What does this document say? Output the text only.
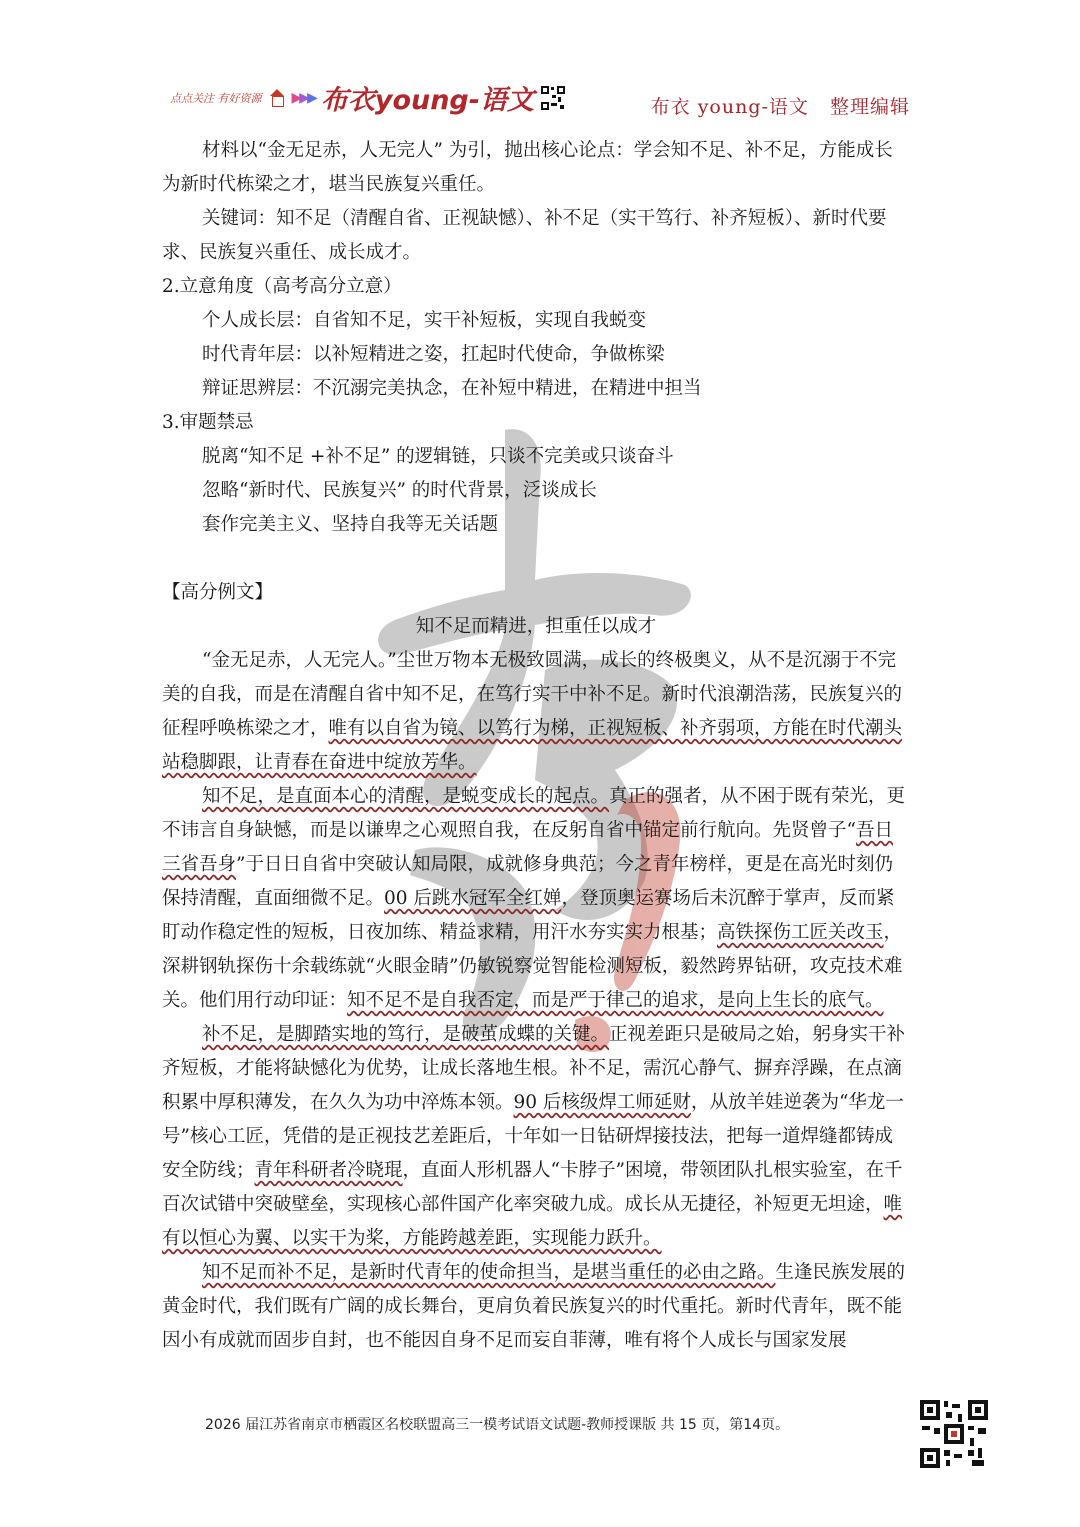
点点关注 有好资源 ▶▶▶ 布衣young-语文	布衣 young-语文 整理编辑

材料以“金无足赤，人无完人” 为引，抛出核心论点：学会知不足、补不足，方能成长为新时代栋梁之才，堪当民族复兴重任。

关键词：知不足（清醒自省、正视缺憾）、补不足（实干笃行、补齐短板）、新时代要求、民族复兴重任、成长成才。

2.立意角度（高考高分立意）

个人成长层：自省知不足，实干补短板，实现自我蜕变

时代青年层：以补短精进之姿，扛起时代使命，争做栋梁

辩证思辨层：不沉溺完美执念，在补短中精进，在精进中担当

3.审题禁忌

脱离“知不足 +补不足” 的逻辑链，只谈不完美或只谈奋斗

忽略“新时代、民族复兴” 的时代背景，泛谈成长

套作完美主义、坚持自我等无关话题

【高分例文】

知不足而精进，担重任以成才

“金无足赤，人无完人。”尘世万物本无极致圆满，成长的终极奥义，从不是沉溺于不完美的自我，而是在清醒自省中知不足，在笃行实干中补不足。新时代浪潮浩荡，民族复兴的征程呼唤栋梁之才，唯有以自省为镜、以笃行为梯，正视短板、补齐弱项，方能在时代潮头站稳脚跟，让青春在奋进中绽放芳华。

知不足，是直面本心的清醒，是蜕变成长的起点。真正的强者，从不困于既有荣光，更不讳言自身缺憾，而是以谦卑之心观照自我，在反躬自省中锚定前行航向。先贤曾子“吾日三省吾身”于日日自省中突破认知局限，成就修身典范；今之青年榜样，更是在高光时刻仍保持清醒，直面细微不足。00 后跳水冠军全红婵，登顶奥运赛场后未沉醉于掌声，反而紧盯动作稳定性的短板，日夜加练、精益求精，用汗水夯实实力根基；高铁探伤工匠关改玉，深耕钢轨探伤十余载练就“火眼金睛”仍敏锐察觉智能检测短板，毅然跨界钻研，攻克技术难关。他们用行动印证：知不足不是自我否定，而是严于律己的追求，是向上生长的底气。

补不足，是脚踏实地的笃行，是破茧成蝶的关键。正视差距只是破局之始，躬身实干补齐短板，才能将缺憾化为优势，让成长落地生根。补不足，需沉心静气、摒弃浮躁，在点滴积累中厚积薄发，在久久为功中淬炼本领。90 后核级焊工师延财，从放羊娃逆袭为“华龙一号”核心工匠，凭借的是正视技艺差距后，十年如一日钻研焊接技法，把每一道焊缝都铸成安全防线；青年科研者冷晓琨，直面人形机器人“卡脖子”困境，带领团队扎根实验室，在千百次试错中突破壁垒，实现核心部件国产化率突破九成。成长从无捷径，补短更无坦途，唯有以恒心为翼、以实干为桨，方能跨越差距，实现能力跃升。

知不足而补不足，是新时代青年的使命担当，是堪当重任的必由之路。生逢民族发展的黄金时代，我们既有广阔的成长舞台，更肩负着民族复兴的时代重托。新时代青年，既不能因小有成就而固步自封，也不能因自身不足而妄自菲薄，唯有将个人成长与国家发展

2026 届江苏省南京市栖霞区名校联盟高三一模考试语文试题-教师授课版 共 15 页，第14页。
